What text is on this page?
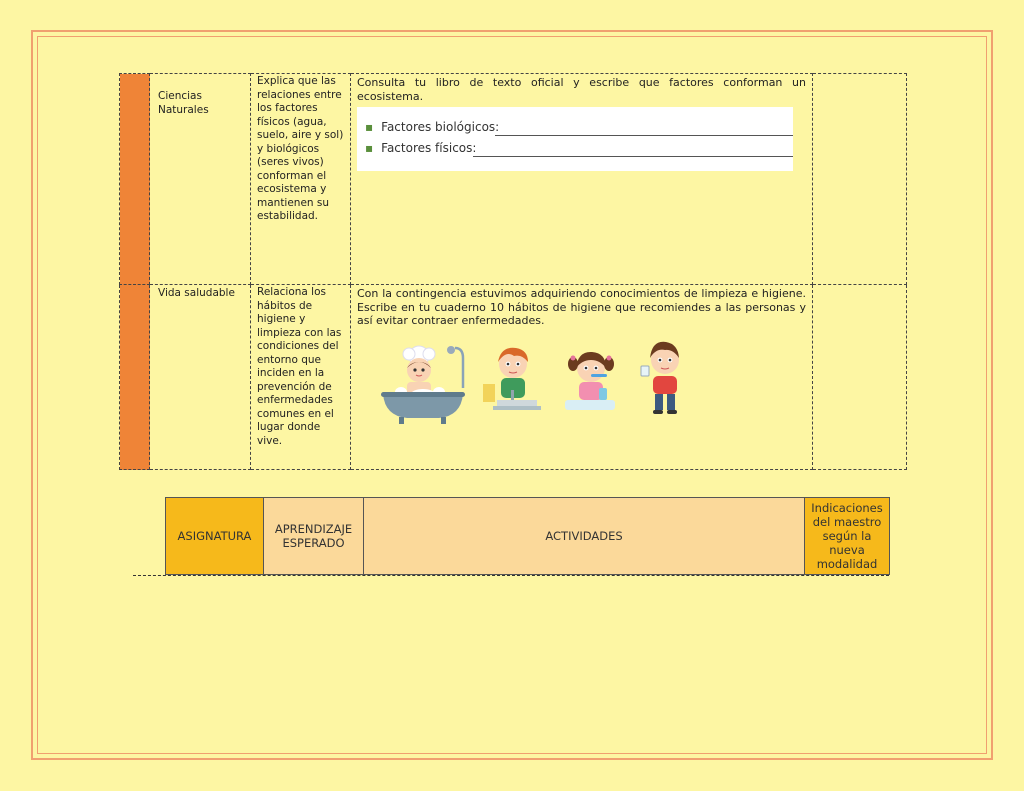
	Ciencias Naturales	Explica que las relaciones entre los factores físicos (agua, suelo, aire y sol) y biológicos (seres vivos) conforman el ecosistema y mantienen su estabilidad.	Consulta tu libro de texto oficial y escribe que factores conforman un ecosistema.
▪ Factores biológicos:
▪ Factores físicos:	

	Vida saludable	Relaciona los hábitos de higiene y limpieza con las condiciones del entorno que inciden en la prevención de enfermedades comunes en el lugar donde vive.	Con la contingencia estuvimos adquiriendo conocimientos de limpieza e higiene. Escribe en tu cuaderno 10 hábitos de higiene que recomiendes a las personas y así evitar contraer enfermedades.	

ASIGNATURA	APRENDIZAJE ESPERADO	ACTIVIDADES	Indicaciones del maestro según la nueva modalidad
